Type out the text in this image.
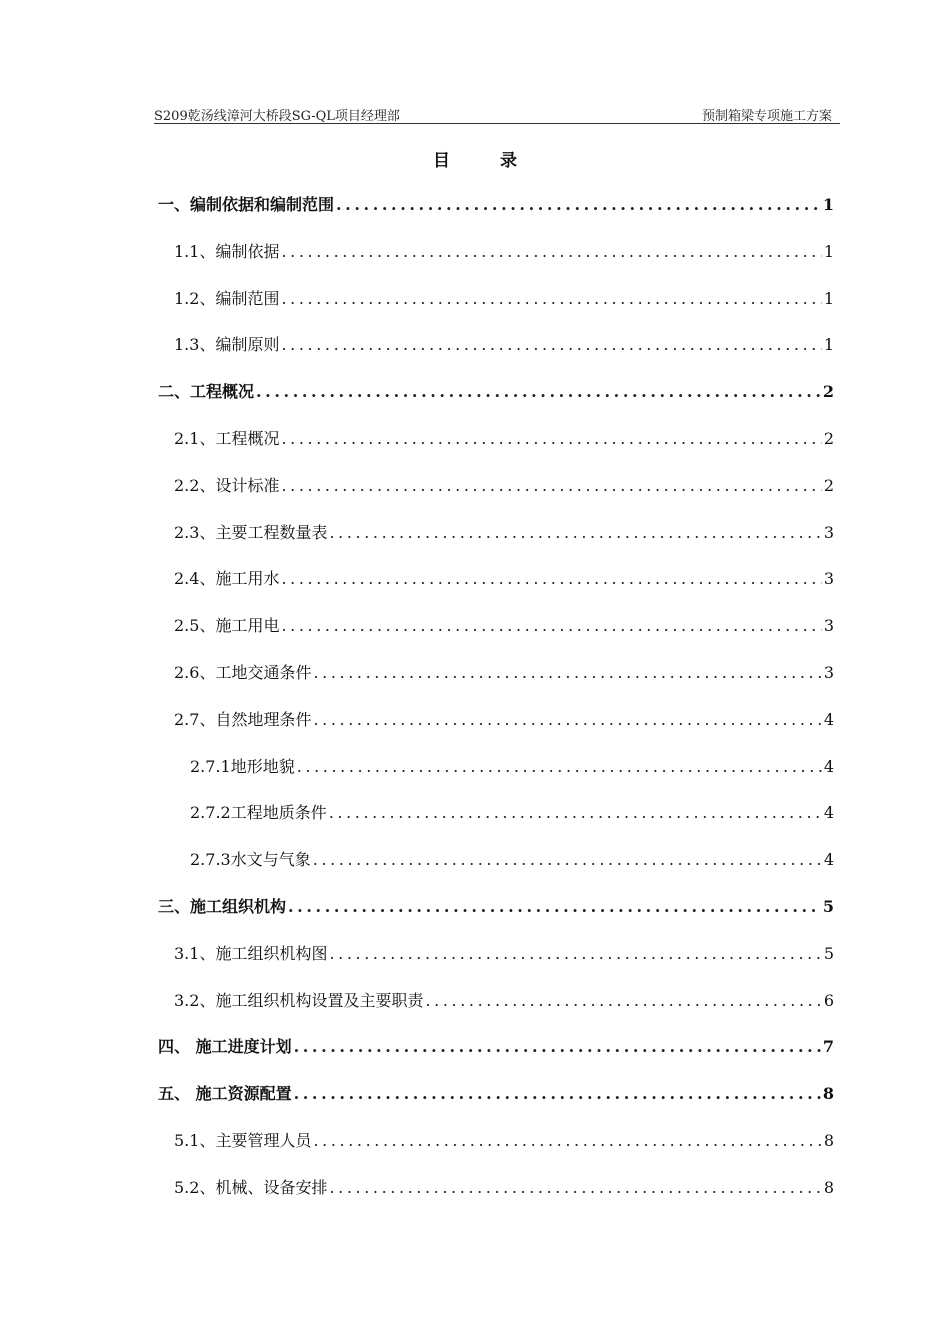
S209乾汤线漳河大桥段SG-QL项目经理部	预制箱梁专项施工方案
目 录
一、编制依据和编制范围 .....	1
1.1、编制依据 .....	1
1.2、编制范围 .....	1
1.3、编制原则 .....	1
二、工程概况 .....	2
2.1、工程概况 .....	2
2.2、设计标准 .....	2
2.3、主要工程数量表 .....	3
2.4、施工用水 .....	3
2.5、施工用电 .....	3
2.6、工地交通条件 .....	3
2.7、自然地理条件 .....	4
2.7.1地形地貌 .....	4
2.7.2工程地质条件 .....	4
2.7.3水文与气象 .....	4
三、施工组织机构 .....	5
3.1、施工组织机构图 .....	5
3.2、施工组织机构设置及主要职责 .....	6
四、 施工进度计划 .....	7
五、 施工资源配置 .....	8
5.1、主要管理人员 .....	8
5.2、机械、设备安排 .....	8
